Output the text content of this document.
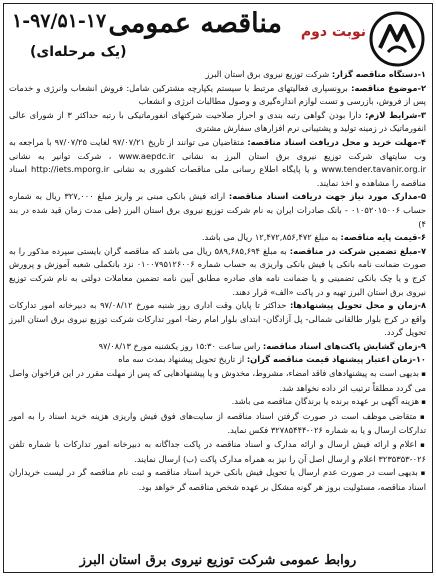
مناقصه عمومی نوبت دوم
۱-۹۷/۵۱-۱۷
(یک مرحله‌ای)

۱-دستگاه مناقصه گزار: شرکت توزیع نیروی برق استان البرز

۲-موضوع مناقصه: برونسپاری فعالیتهای مرتبط با سیستم یکپارچه مشترکین شامل: فروش انشعاب وانرژی و خدمات پس از فروش، بازرسی و تست لوازم اندازه‌گیری و وصول مطالبات انرژی و انشعاب

۳-شرایط لازم: دارا بودن گواهی رتبه بندی و احراز صلاحیت شرکتهای انفورماتیکی با رتبه حداکثر ۳ از شورای عالی انفورماتیک در زمینه تولید و پشتیبانی نرم افزارهای سفارش مشتری

۴-مهلت خرید و محل دریافت اسناد مناقصه: متقاضیان می توانند از تاریخ ۹۷/۰۷/۲۱ لغایت ۹۷/۰۷/۲۵ با مراجعه به وب سایتهای شرکت توزیع نیروی برق استان البرز به نشانی www.aepdc.ir ، شرکت توانیر به نشانی www.tender.tavanir.org.ir و یا پایگاه اطلاع رسانی ملی مناقصات کشوری به نشانی http://iets.mporg.ir اسناد مناقصه را مشاهده و اخذ نمایند.

۵-مدارک مورد نیاز جهت دریافت اسناد مناقصه: ارائه فیش بانکی مبنی بر واریز مبلغ ۳۲۷,۰۰۰ ریال به شماره حساب ۰۱۰۵۲۰۱۵۰۰۶ - بانک صادرات ایران به نام شرکت توزیع نیروی برق استان البرز (طی مدت زمان قید شده در بند ۴)

۶-قیمت پایه مناقصه: به مبلغ ۱۲,۴۷۲,۸۵۶,۴۷۲ ریال می باشد.

۷-مبلغ تضمین شرکت در مناقصه: به مبلغ ۵۸۹,۶۸۵,۶۹۴ ریال می باشد که مناقصه گران بایستی سپرده مذکور را به صورت ضمانت نامه بانکی یا فیش بانکی واریزی به حساب شماره ۰۱۰۰۷۹۵۱۲۶۰۰۶ نزد بانکملی شعبه آموزش و پرورش کرج و یا چک بانکی تضمینی و یا ضمانت نامه های صادره مطابق آیین نامه تضمین معاملات دولتی به نام شرکت توزیع نیروی برق استان البرز تهیه و در پاکت «الف» قرار دهند.

۸-زمان و محل تحویل پیشنهادها: حداکثر تا پایان وقت اداری روز شنبه مورخ ۹۷/۰۸/۱۲ به دبیرخانه امور تدارکات واقع در کرج بلوار طالقانی شمالی- پل آزادگان- ابتدای بلوار امام رضا- امور تدارکات شرکت توزیع نیروی برق استان البرز تحویل گردد.

۹-زمان گشایش پاکت‌های اسناد مناقصه: راس ساعت ۱۵:۳۰ روز یکشنبه مورخ ۹۷/۰۸/۱۳

۱۰-زمان اعتبار پیشنهاد قیمت مناقصه گران: از تاریخ تحویل پیشنهاد بمدت سه ماه

▪ بدیهی است به پیشنهادهای فاقد امضاء، مشروط، مخدوش و یا پیشنهادهایی که پس از مهلت مقرر در این فراخوان واصل می گردد مطلقاً ترتیب اثر داده نخواهد شد.

▪ هزینه آگهی بر عهده برنده یا برندگان مناقصه می باشد.

▪ متقاضی موظف است در صورت گرفتن اسناد مناقصه از سایت‌های فوق فیش واریزی هزینه خرید اسناد را به امور تدارکات ارسال و یا به شماره ۰۲۶-۳۲۷۸۵۴۴۴ فکس نماید.

▪ اعلام و ارائه فیش ارسال و ارائه مدارک و اسناد مناقصه در پاکت جداگانه به دبیرخانه امور تدارکات با شماره تلفن ۰۲۶-۳۲۳۵۳۵۳ اعلام و ارسال اصل آن را نیز به همراه مدارک پاکت (ب) ارسال نمایند.

▪ بدیهی است در صورت عدم ارسال یا تحویل فیش بانکی خرید اسناد مناقصه و ثبت نام مناقصه گر در لیست خریداران اسناد مناقصه، مسئولیت بروز هر گونه مشکل بر عهده شخص مناقصه گر خواهد بود.

روابط عمومی شرکت توزیع نیروی برق استان البرز
